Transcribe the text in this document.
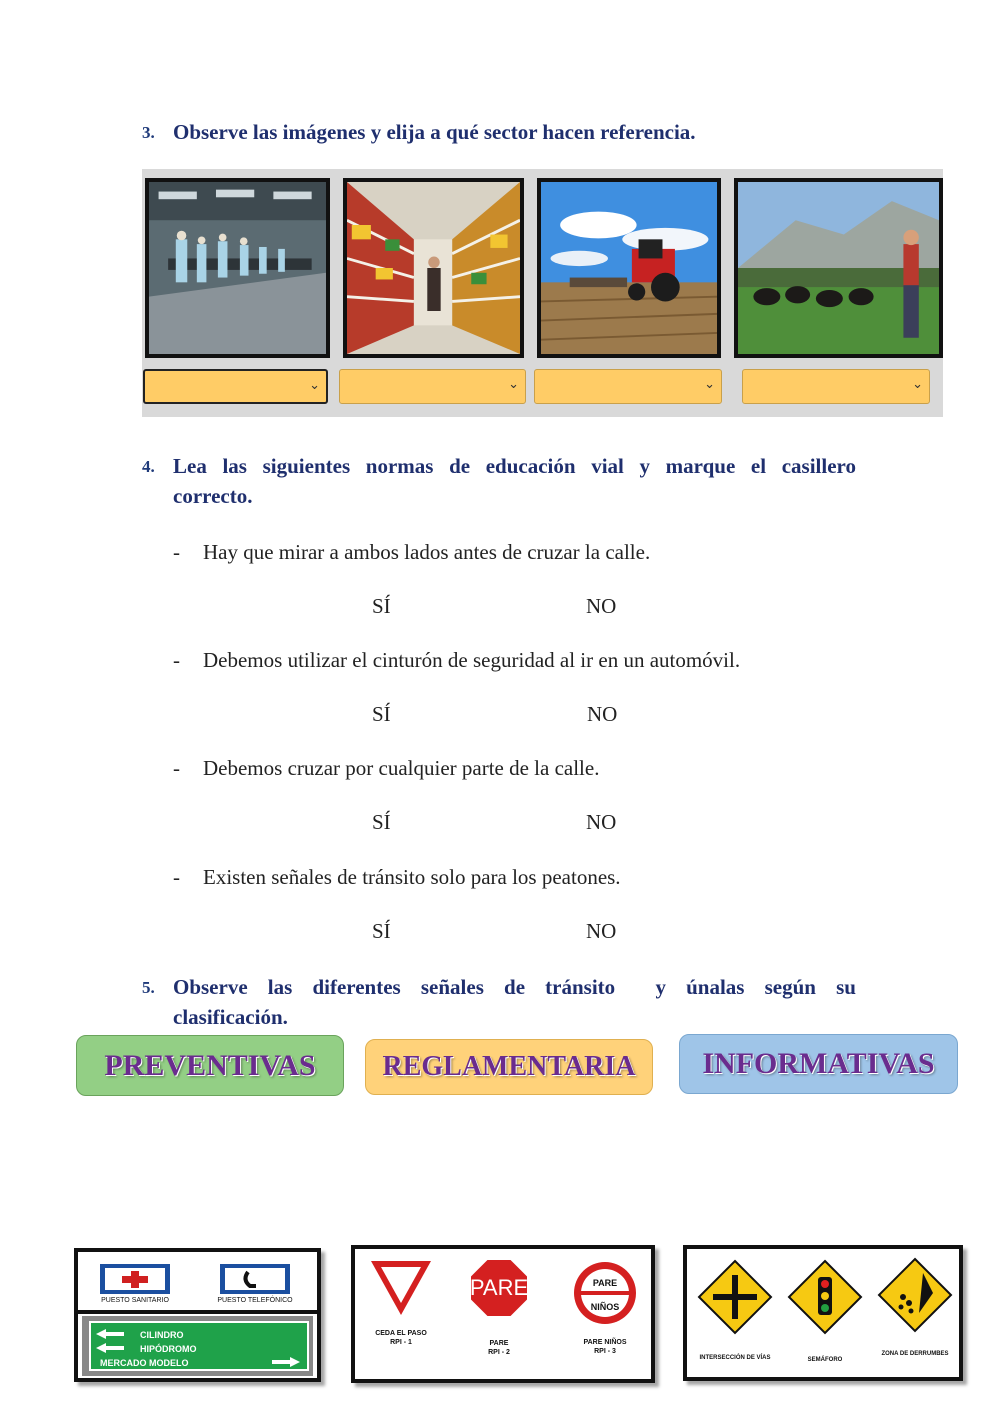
3. Observe las imágenes y elija a qué sector hacen referencia.
⌄	⌄	⌄	⌄
4. Lea las siguientes normas de educación vial y marque el casillero
correcto.
- Hay que mirar a ambos lados antes de cruzar la calle.
SÍ	NO
- Debemos utilizar el cinturón de seguridad al ir en un automóvil.
SÍ	NO
- Debemos cruzar por cualquier parte de la calle.
SÍ	NO
- Existen señales de tránsito solo para los peatones.
SÍ	NO
5. Observe las diferentes señales de tránsito  y únalas según su
clasificación.
PREVENTIVAS	REGLAMENTARIA	INFORMATIVAS
PUESTO SANITARIO	PUESTO TELEFÓNICO
CILINDRO
HIPÓDROMO
MERCADO MODELO
CEDA EL PASO
RPI - 1
PARE
PARE
RPI - 2
PARE
NIÑOS
PARE NIÑOS
RPI - 3
INTERSECCIÓN DE VÍAS	SEMÁFORO
ZONA DE DERRUMBES
